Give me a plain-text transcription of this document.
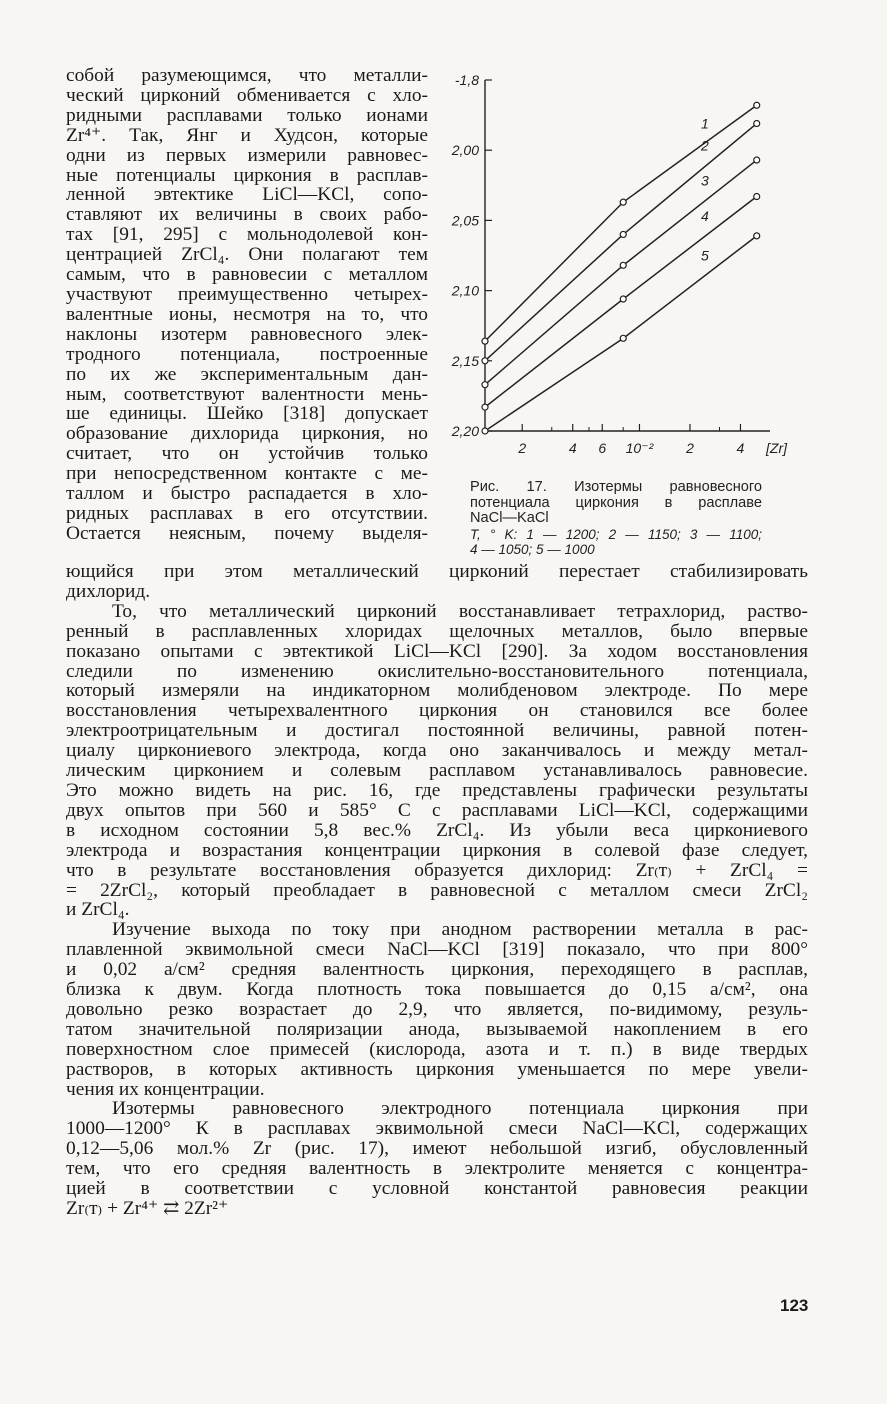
собой разумеющимся, что металли-
ческий цирконий обменивается с хло-
ридными расплавами только ионами
Zr⁴⁺. Так, Янг и Худсон, которые
одни из первых измерили равновес-
ные потенциалы циркония в расплав-
ленной эвтектике LiCl—KCl, сопо-
ставляют их величины в своих рабо-
тах [91, 295] с мольнодолевой кон-
центрацией ZrCl₄. Они полагают тем
самым, что в равновесии с металлом
участвуют преимущественно четырех-
валентные ионы, несмотря на то, что
наклоны изотерм равновесного элек-
тродного потенциала, построенные
по их же экспериментальным дан-
ным, соответствуют валентности мень-
ше единицы. Шейко [318] допускает
образование дихлорида циркония, но
считает, что он устойчив только
при непосредственном контакте с ме-
таллом и быстро распадается в хло-
ридных расплавах в его отсутствии.
Остается неясным, почему выделя-
-1,8
2,00
2,05
2,10
2,15
2,20
2	4 6 10⁻² 2	4 [Zr]
1
2
3
4
5
Рис. 17. Изотермы равновесного
потенциала циркония в расплаве
NaCl—KaCl
T, ° K: 1 — 1200; 2 — 1150; 3 — 1100;
4 — 1050; 5 — 1000
ющийся при этом металлический цирконий перестает стабилизировать
дихлорид.
То, что металлический цирконий восстанавливает тетрахлорид, раство-
ренный в расплавленных хлоридах щелочных металлов, было впервые
показано опытами с эвтектикой LiCl—KCl [290]. За ходом восстановления
следили по изменению окислительно-восстановительного потенциала,
который измеряли на индикаторном молибденовом электроде. По мере
восстановления четырехвалентного циркония он становился все более
электроотрицательным и достигал постоянной величины, равной потен-
циалу циркониевого электрода, когда оно заканчивалось и между метал-
лическим цирконием и солевым расплавом устанавливалось равновесие.
Это можно видеть на рис. 16, где представлены графически результаты
двух опытов при 560 и 585° С с расплавами LiCl—KCl, содержащими
в исходном состоянии 5,8 вес.% ZrCl₄. Из убыли веса циркониевого
электрода и возрастания концентрации циркония в солевой фазе следует,
что в результате восстановления образуется дихлорид: Zr₍т₎ + ZrCl₄ =
= 2ZrCl₂, который преобладает в равновесной с металлом смеси ZrCl₂
и ZrCl₄.
Изучение выхода по току при анодном растворении металла в рас-
плавленной эквимольной смеси NaCl—KCl [319] показало, что при 800°
и 0,02 а/см² средняя валентность циркония, переходящего в расплав,
близка к двум. Когда плотность тока повышается до 0,15 а/см², она
довольно резко возрастает до 2,9, что является, по-видимому, резуль-
татом значительной поляризации анода, вызываемой накоплением в его
поверхностном слое примесей (кислорода, азота и т. п.) в виде твердых
растворов, в которых активность циркония уменьшается по мере увели-
чения их концентрации.
Изотермы равновесного электродного потенциала циркония при
1000—1200° К в расплавах эквимольной смеси NaCl—KCl, содержащих
0,12—5,06 мол.% Zr (рис. 17), имеют небольшой изгиб, обусловленный
тем, что его средняя валентность в электролите меняется с концентра-
цией в соответствии с условной константой равновесия реакции
Zr₍т₎ + Zr⁴⁺ ⇄ 2Zr²⁺
123
